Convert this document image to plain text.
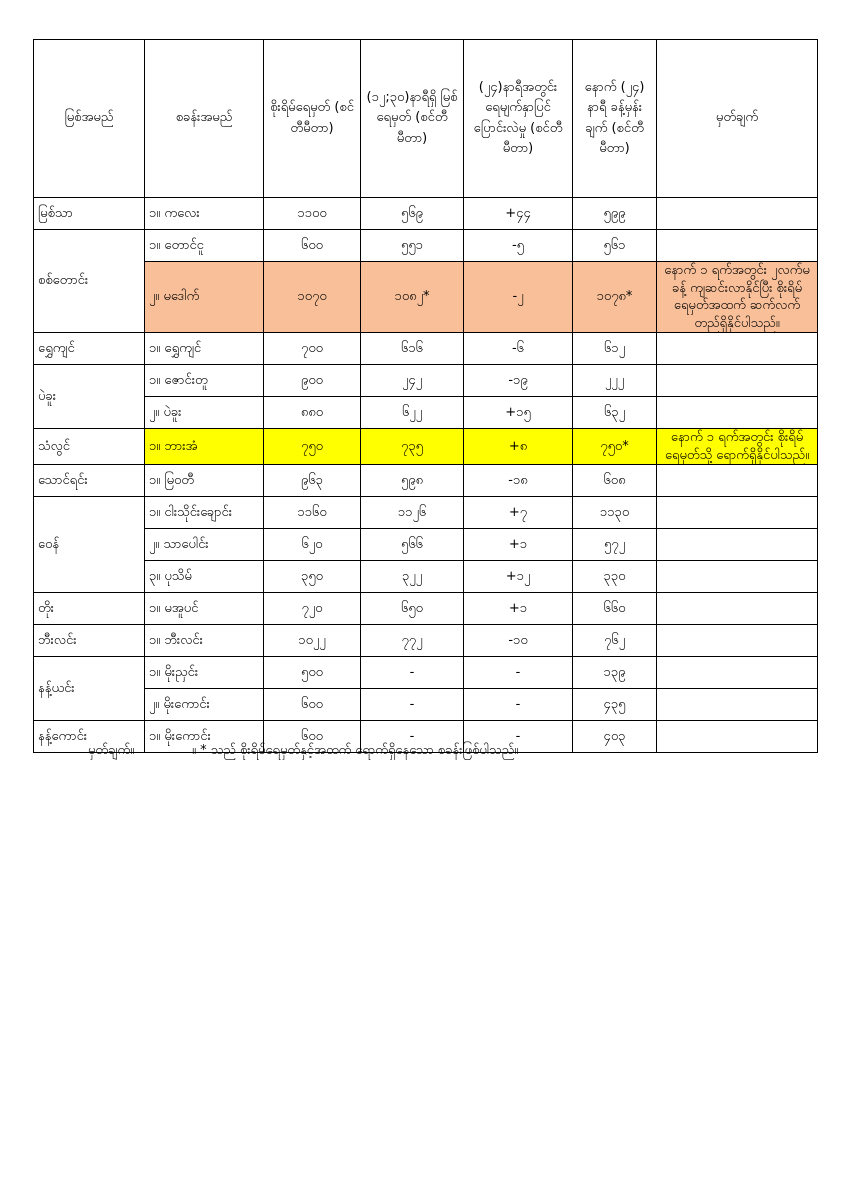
မြစ်အမည်	စခန်းအမည်	စိုးရိမ်ရေမှတ် (စင်တီမီတာ)	(၁၂;၃၀)နာရီရှိ မြစ်ရေမှတ် (စင်တီမီတာ)	(၂၄)နာရီအတွင်း ရေမျက်နှာပြင် ပြောင်းလဲမှု (စင်တီမီတာ)	နောက် (၂၄) နာရီ ခန့်မှန်းချက် (စင်တီမီတာ)	မှတ်ချက်
မြစ်သာ	၁။ ကလေး	၁၁၀၀	၅၆၉	+၄၄	၅၉၉	
စစ်တောင်း	၁။ တောင်ငူ	၆၀၀	၅၅၁	-၅	၅၆၁	
	၂။ မဒေါက်	၁၀၇၀	၁၀၈၂*	-၂	၁၀၇၈*	နောက် ၁ ရက်အတွင်း ၂လက်မခန့် ကျဆင်းလာနိုင်ပြီး စိုးရိမ်ရေမှတ်အထက် ဆက်လက်တည်ရှိနိုင်ပါသည်။
ရွှေကျင်	၁။ ရွှေကျင်	၇၀၀	၆၁၆	-၆	၆၁၂	
ပဲခူး	၁။ ဇောင်းတူ	၉၀၀	၂၄၂	-၁၉	၂၂၂	
	၂။ ပဲခူး	၈၈၀	၆၂၂	+၁၅	၆၃၂	
သံလွင်	၁။ ဘားအံ	၇၅၀	၇၃၅	+၈	၇၅၀*	နောက် ၁ ရက်အတွင်း စိုးရိမ်ရေမှတ်သို့ ရောက်ရှိနိုင်ပါသည်။
သောင်ရင်း	၁။ မြဝတီ	၉၆၃	၅၉၈	-၁၈	၆၀၈	
ဝေန်	၁။ ငါးသိုင်းချောင်း	၁၁၆၀	၁၁၂၆	+၇	၁၁၃၀	
	၂။ သာပေါင်း	၆၂၀	၅၆၆	+၁	၅၇၂	
	၃။ ပုသိမ်	၃၅၀	၃၂၂	+၁၂	၃၃၀	
တိုး	၁။ မအူပင်	၇၂၀	၆၅၀	+၁	၆၆၀	
ဘီးလင်း	၁။ ဘီးလင်း	၁၀၂၂	၇၇၂	-၁၀	၇၆၂	
နန့်ယင်း	၁။ မိုးညှင်း	၅၀၀	-	-	၁၃၉	
	၂။ မိုးကောင်း	၆၀၀	-	-	၄၃၅	
နန့်ကောင်း	၁။ မိုးကောင်း	၆၀၀	-	-	၄၀၃	
မှတ်ချက်။	။ * သည် စိုးရိမ်ရေမှတ်နှင့်အထက် ရောက်ရှိနေသော စခန်းဖြစ်ပါသည်။
